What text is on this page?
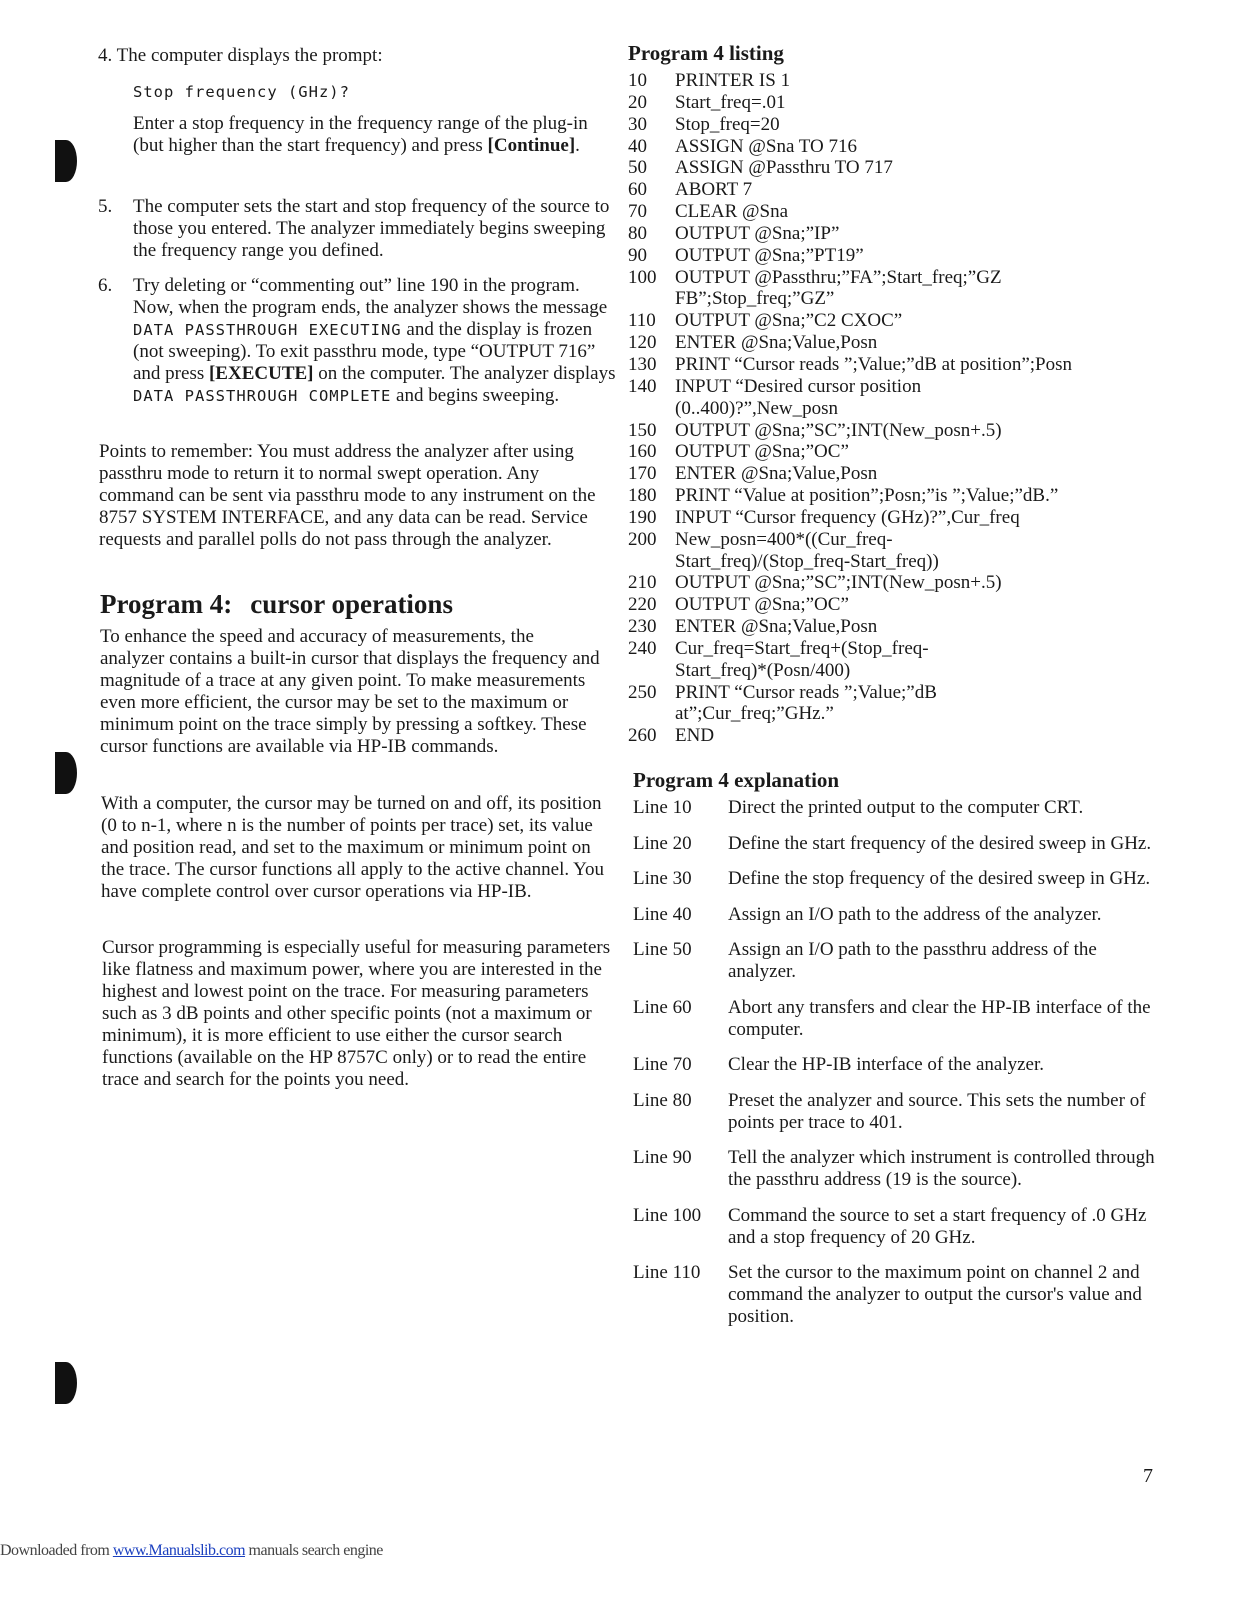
4. The computer displays the prompt:
Stop frequency (GHz)?
Enter a stop frequency in the frequency range of the plug-in (but higher than the start frequency) and press [Continue].
5. The computer sets the start and stop frequency of the source to those you entered. The analyzer immediately begins sweeping the frequency range you defined.
6. Try deleting or “commenting out” line 190 in the program. Now, when the program ends, the analyzer shows the message DATA PASSTHROUGH EXECUTING and the display is frozen (not sweeping). To exit passthru mode, type “OUTPUT 716” and press [EXECUTE] on the computer. The analyzer displays DATA PASSTHROUGH COMPLETE and begins sweeping.
Points to remember: You must address the analyzer after using passthru mode to return it to normal swept operation. Any command can be sent via passthru mode to any instrument on the 8757 SYSTEM INTERFACE, and any data can be read. Service requests and parallel polls do not pass through the analyzer.
Program 4: cursor operations
To enhance the speed and accuracy of measurements, the analyzer contains a built-in cursor that displays the frequency and magnitude of a trace at any given point. To make measurements even more efficient, the cursor may be set to the maximum or minimum point on the trace simply by pressing a softkey. These cursor functions are available via HP-IB commands.
With a computer, the cursor may be turned on and off, its position (0 to n-1, where n is the number of points per trace) set, its value and position read, and set to the maximum or minimum point on the trace. The cursor functions all apply to the active channel. You have complete control over cursor operations via HP-IB.
Cursor programming is especially useful for measuring parameters like flatness and maximum power, where you are interested in the highest and lowest point on the trace. For measuring parameters such as 3 dB points and other specific points (not a maximum or minimum), it is more efficient to use either the cursor search functions (available on the HP 8757C only) or to read the entire trace and search for the points you need.
Program 4 listing
10	PRINTER IS 1
20	Start_freq=.01
30	Stop_freq=20
40	ASSIGN @Sna TO 716
50	ASSIGN @Passthru TO 717
60	ABORT 7
70	CLEAR @Sna
80	OUTPUT @Sna;”IP”
90	OUTPUT @Sna;”PT19”
100 OUTPUT @Passthru;”FA”;Start_freq;”GZ
FB”;Stop_freq;”GZ”
110	OUTPUT @Sna;”C2 CXOC”
120 ENTER @Sna;Value,Posn
130 PRINT “Cursor reads ”;Value;”dB at position”;Posn
140 INPUT “Desired cursor position
(0..400)?”,New_posn
150 OUTPUT @Sna;”SC”;INT(New_posn+.5)
160 OUTPUT @Sna;”OC”
170 ENTER @Sna;Value,Posn
180 PRINT “Value at position”;Posn;”is ”;Value;”dB.”
190 INPUT “Cursor frequency (GHz)?”,Cur_freq
200 New_posn=400*((Cur_freq-
Start_freq)/(Stop_freq-Start_freq))
210 OUTPUT @Sna;”SC”;INT(New_posn+.5)
220 OUTPUT @Sna;”OC”
230 ENTER @Sna;Value,Posn
240 Cur_freq=Start_freq+(Stop_freq-
Start_freq)*(Posn/400)
250 PRINT “Cursor reads ”;Value;”dB
at”;Cur_freq;”GHz.”
260 END
Program 4 explanation
Line 10	Direct the printed output to the computer CRT.
Line 20	Define the start frequency of the desired sweep in GHz.
Line 30	Define the stop frequency of the desired sweep in GHz.
Line 40	Assign an I/O path to the address of the analyzer.
Line 50	Assign an I/O path to the passthru address of the analyzer.
Line 60	Abort any transfers and clear the HP-IB interface of the computer.
Line 70	Clear the HP-IB interface of the analyzer.
Line 80	Preset the analyzer and source. This sets the number of points per trace to 401.
Line 90	Tell the analyzer which instrument is controlled through the passthru address (19 is the source).
Line 100	Command the source to set a start frequency of .0 GHz and a stop frequency of 20 GHz.
Line 110	Set the cursor to the maximum point on channel 2 and command the analyzer to output the cursor's value and position.
7
Downloaded from www.Manualslib.com manuals search engine
